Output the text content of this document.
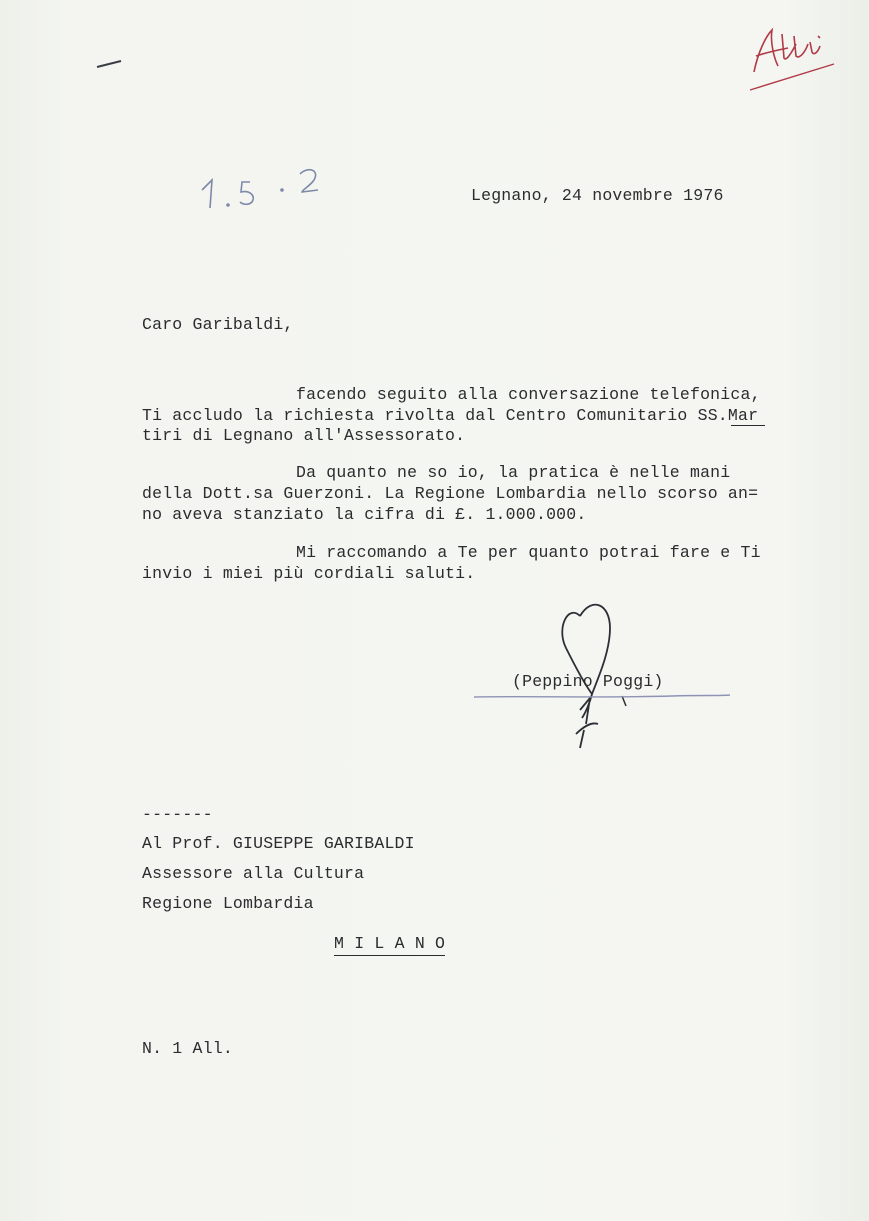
Legnano, 24 novembre 1976
Caro Garibaldi,
facendo seguito alla conversazione telefonica,
Ti accludo la richiesta rivolta dal Centro Comunitario SS.Mar
tiri di Legnano all'Assessorato.
Da quanto ne so io, la pratica è nelle mani
della Dott.sa Guerzoni. La Regione Lombardia nello scorso an=
no aveva stanziato la cifra di £. 1.000.000.
Mi raccomando a Te per quanto potrai fare e Ti
invio i miei più cordiali saluti.
(Peppino Poggi)
-------
Al Prof. GIUSEPPE GARIBALDI
Assessore alla Cultura
Regione Lombardia
M I L A N O
N. 1 All.
